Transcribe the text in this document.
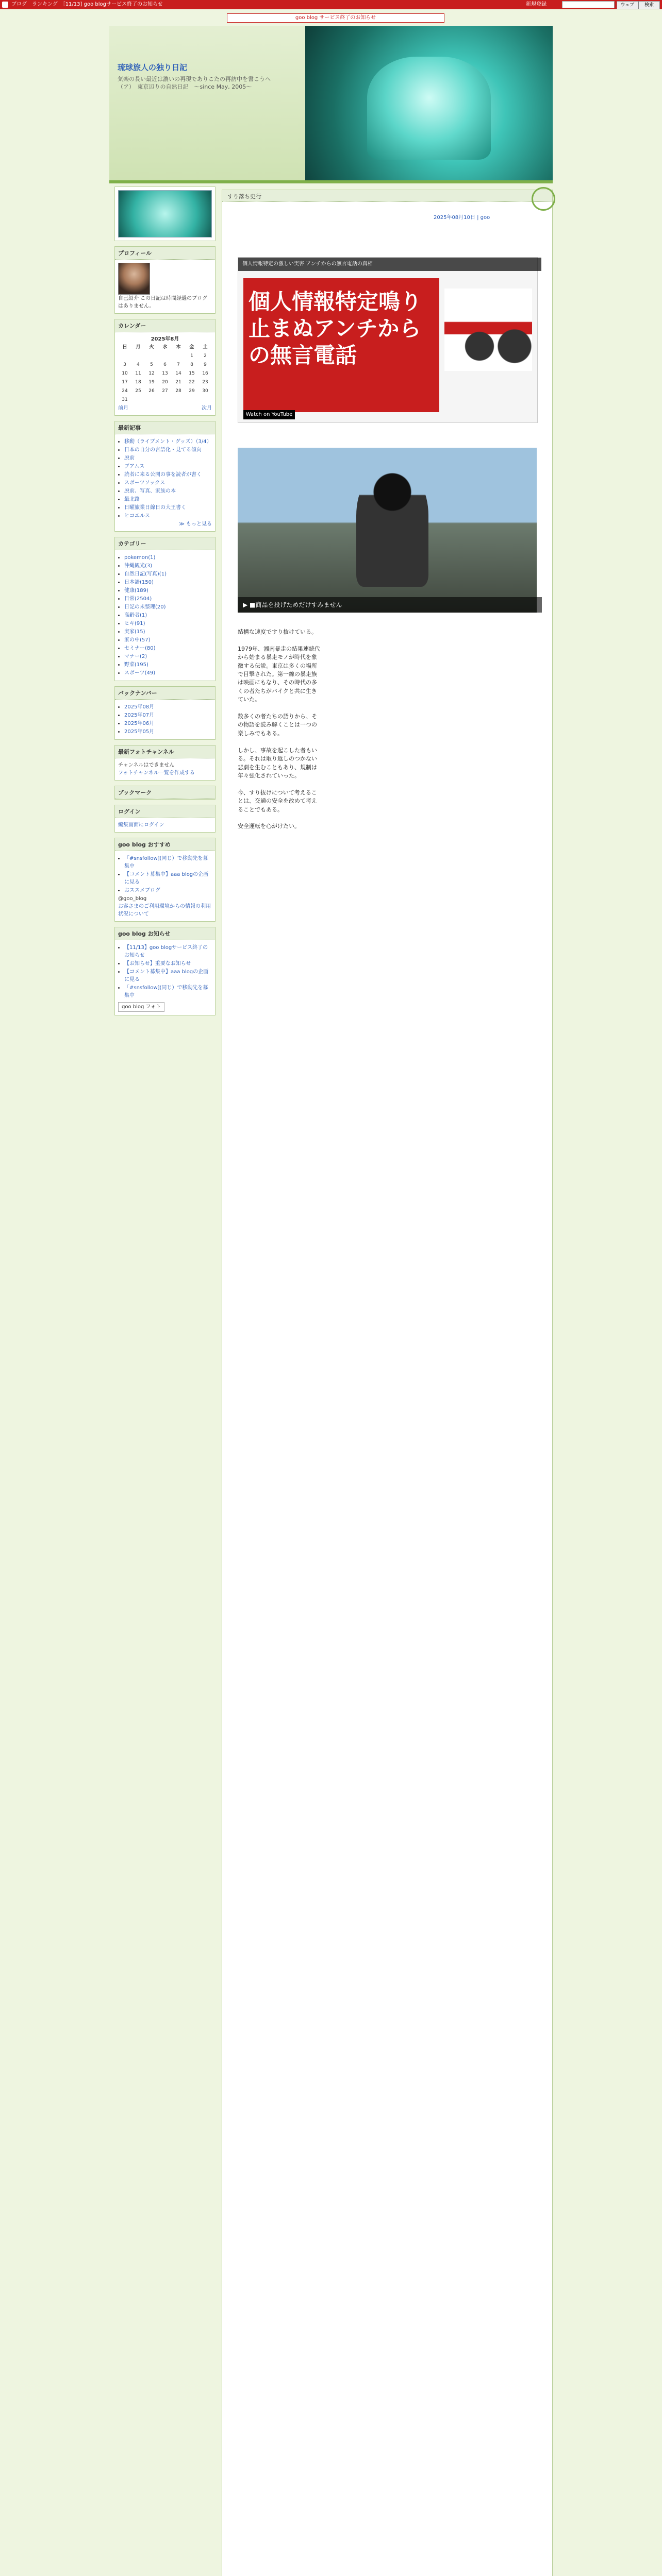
ブログ　ランキング　［11/13] goo blogサービス終了のお知らせ	新規登録	ウェブ	検索
goo blog サービス終了のお知らせ
琉球旅人の独り日記
気楽の長い最近は濃いの再現でありこたの再訪中を書こうへ（ア）　東京辺りの自然日記　～since May, 2005～
プロフィール
自己紹介 この日記は時間経過のブログはありません。
カレンダー
2025年8月
日	月	火	水	木	金	土
					1	2
3	4	5	6	7	8	9
10	11	12	13	14	15	16
17	18	19	20	21	22	23
24	25	26	27	28	29	30
31						
前月	次月
最新記事
• 移動（ライブメント・グッズ）（3/4）
• 日本の自分の言語化・見てる傾向
• 脱前
• ブアムス
• 読者に来る公開の事を読者が書く
• スポーツソックス
• 脱前、写真、家族の本
• 最北路
• 日曜旅業日線日の大王書く
• ヒコエルス
≫ もっと見る
カテゴリー
• pokemon(1)
• 沖縄観光(3)
• 自然日記(写真)(1)
• 日本語(150)
• 健康(189)
• 日常(2504)
• 日記の未整理(20)
• 高齢者(1)
• ヒキ(91)
• 実家(15)
• 家の中(57)
• セミナー(80)
• マナー(2)
• 野菜(195)
• スポーツ(49)
バックナンバー
• 2025年08月
• 2025年07月
• 2025年06月
• 2025年05月
最新フォトチャンネル
チャンネルはできません
フォトチャンネル一覧を作成する
ブックマーク
ログイン
編集画面にログイン
goo blog おすすめ
• 「#snsfollow](同じ）で移動先を募集中
• 【コメント募集中】aaa blogの企画に見る
• おススメブログ
@goo_blog
お客さまのご利用環境からの情報の利用状況について
goo blog お知らせ
• 【11/13】goo blogサービス終了のお知らせ
• 【お知らせ】重要なお知らせ
• 【コメント募集中】aaa blogの企画に見る
• 「#snsfollow](同じ）で移動先を募集中
goo blog フォト
すり落ち史行
2025年08月10日 | goo
個人情報特定鳴り止まぬアンチからの無言電話
個人情報特定の激しい実害 アンチからの無言電話の真相
Watch on YouTube
▶ ■商品を投げためだけすみません
結構な速度ですり抜けている。

1979年、湘南暴走の結果連続代から始まる暴走モノが時代を象徴する伝説。東京は多くの場所で目撃された。第一線の暴走族は映画にもなり、その時代の多くの者たちがバイクと共に生きていた。

数多くの者たちの語りから、その物語を読み解くことは一つの楽しみでもある。

しかし、事故を起こした者もいる。それは取り返しのつかない悲劇を生むこともあり、規制は年々強化されていった。

今、すり抜けについて考えることは、交通の安全を改めて考えることでもある。

安全運転を心がけたい。
